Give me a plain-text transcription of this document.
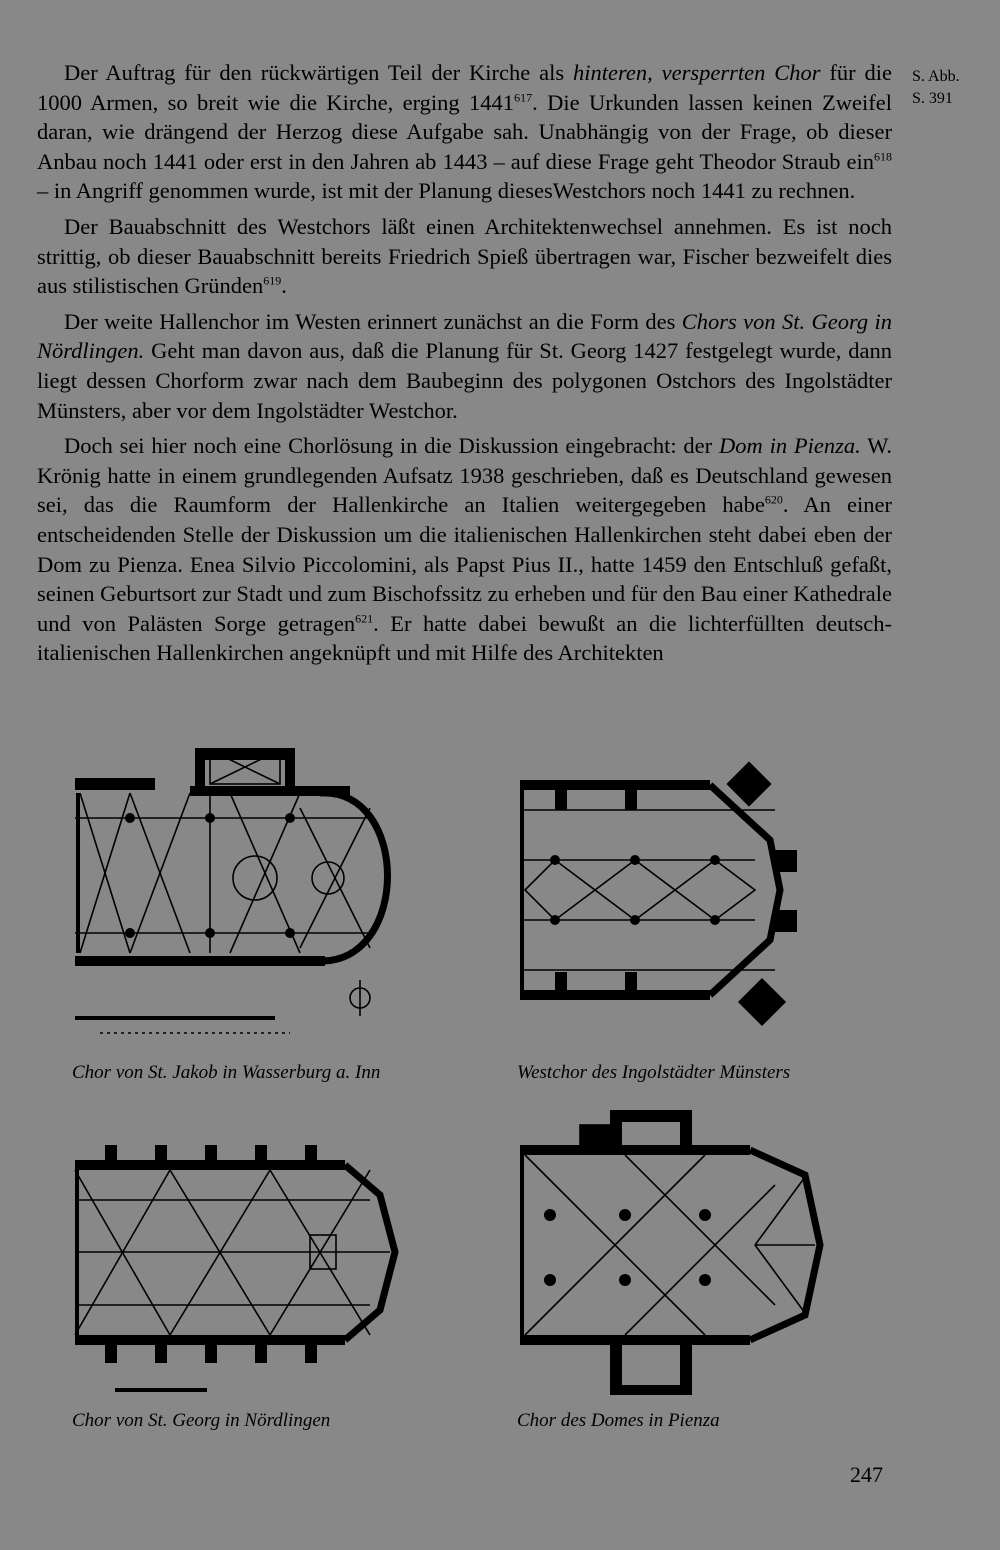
Der Auftrag für den rückwärtigen Teil der Kirche als hinteren, versperrten Chor für die 1000 Armen, so breit wie die Kirche, erging 1441$^{617}$. Die Urkunden lassen keinen Zweifel daran, wie drängend der Herzog diese Aufgabe sah. Unabhängig von der Frage, ob dieser Anbau noch 1441 oder erst in den Jahren ab 1443 – auf diese Frage geht Theodor Straub ein$^{618}$ – in Angriff genommen wurde, ist mit der Planung diesesWestchors noch 1441 zu rechnen.

Der Bauabschnitt des Westchors läßt einen Architektenwechsel annehmen. Es ist noch strittig, ob dieser Bauabschnitt bereits Friedrich Spieß übertragen war, Fischer bezweifelt dies aus stilistischen Gründen$^{619}$.

Der weite Hallenchor im Westen erinnert zunächst an die Form des Chors von St. Georg in Nördlingen. Geht man davon aus, daß die Planung für St. Georg 1427 festgelegt wurde, dann liegt dessen Chorform zwar nach dem Baubeginn des polygonen Ostchors des Ingolstädter Münsters, aber vor dem Ingolstädter Westchor.

Doch sei hier noch eine Chorlösung in die Diskussion eingebracht: der Dom in Pienza. W. Krönig hatte in einem grundlegenden Aufsatz 1938 geschrieben, daß es Deutschland gewesen sei, das die Raumform der Hallenkirche an Italien weitergegeben habe$^{620}$. An einer entscheidenden Stelle der Diskussion um die italienischen Hallenkirchen steht dabei eben der Dom zu Pienza. Enea Silvio Piccolomini, als Papst Pius II., hatte 1459 den Entschluß gefaßt, seinen Geburtsort zur Stadt und zum Bischofssitz zu erheben und für den Bau einer Kathedrale und von Palästen Sorge getragen$^{621}$. Er hatte dabei bewußt an die lichterfüllten deutsch-italienischen Hallenkirchen angeknüpft und mit Hilfe des Architekten

S. Abb.
S. 391
Chor von St. Jakob in Wasserburg a. Inn	Westchor des Ingolstädter Münsters
Chor von St. Georg in Nördlingen	Chor des Domes in Pienza
247
